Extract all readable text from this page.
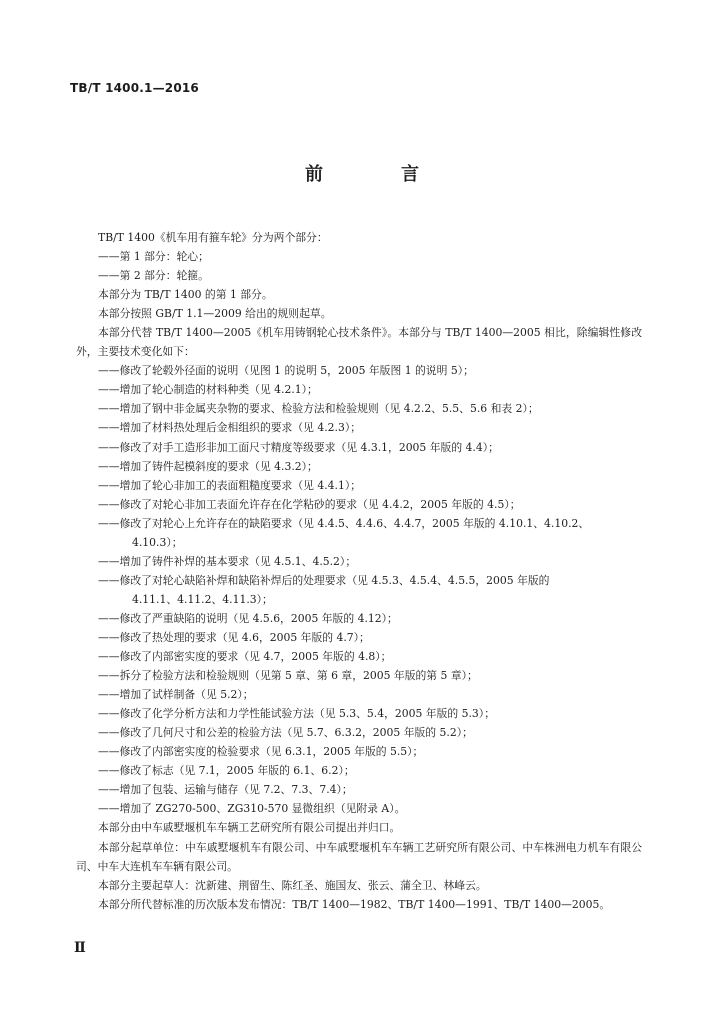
TB/T 1400.1—2016
前　言

TB/T 1400《机车用有箍车轮》分为两个部分：

——第 1 部分：轮心；

——第 2 部分：轮箍。

本部分为 TB/T 1400 的第 1 部分。

本部分按照 GB/T 1.1—2009 给出的规则起草。

本部分代替 TB/T 1400—2005《机车用铸钢轮心技术条件》。本部分与 TB/T 1400—2005 相比，除编辑性修改外，主要技术变化如下：

——修改了轮毂外径面的说明（见图 1 的说明 5，2005 年版图 1 的说明 5）；

——增加了轮心制造的材料种类（见 4.2.1）；

——增加了钢中非金属夹杂物的要求、检验方法和检验规则（见 4.2.2、5.5、5.6 和表 2）；

——增加了材料热处理后金相组织的要求（见 4.2.3）；

——修改了对手工造形非加工面尺寸精度等级要求（见 4.3.1，2005 年版的 4.4）；

——增加了铸件起模斜度的要求（见 4.3.2）；

——增加了轮心非加工的表面粗糙度要求（见 4.4.1）；

——修改了对轮心非加工表面允许存在化学粘砂的要求（见 4.4.2，2005 年版的 4.5）；

——修改了对轮心上允许存在的缺陷要求（见 4.4.5、4.4.6、4.4.7，2005 年版的 4.10.1、4.10.2、

4.10.3）；

——增加了铸件补焊的基本要求（见 4.5.1、4.5.2）；

——修改了对轮心缺陷补焊和缺陷补焊后的处理要求（见 4.5.3、4.5.4、4.5.5，2005 年版的

4.11.1、4.11.2、4.11.3）；

——修改了严重缺陷的说明（见 4.5.6，2005 年版的 4.12）；

——修改了热处理的要求（见 4.6，2005 年版的 4.7）；

——修改了内部密实度的要求（见 4.7，2005 年版的 4.8）；

——拆分了检验方法和检验规则（见第 5 章、第 6 章，2005 年版的第 5 章）；

——增加了试样制备（见 5.2）；

——修改了化学分析方法和力学性能试验方法（见 5.3、5.4，2005 年版的 5.3）；

——修改了几何尺寸和公差的检验方法（见 5.7、6.3.2，2005 年版的 5.2）；

——修改了内部密实度的检验要求（见 6.3.1，2005 年版的 5.5）；

——修改了标志（见 7.1，2005 年版的 6.1、6.2）；

——增加了包装、运输与储存（见 7.2、7.3、7.4）；

——增加了 ZG270-500、ZG310-570 显微组织（见附录 A）。

本部分由中车戚墅堰机车车辆工艺研究所有限公司提出并归口。

本部分起草单位：中车戚墅堰机车有限公司、中车戚墅堰机车车辆工艺研究所有限公司、中车株洲电力机车有限公司、中车大连机车车辆有限公司。

本部分主要起草人：沈新建、荆留生、陈红圣、施国友、张云、蒲全卫、林峰云。

本部分所代替标准的历次版本发布情况：TB/T 1400—1982、TB/T 1400—1991、TB/T 1400—2005。

Ⅱ
